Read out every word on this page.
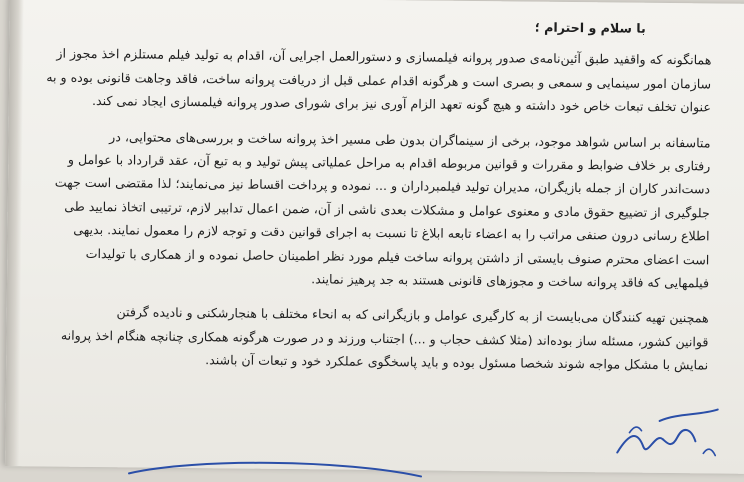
با سلام و احترام ؛
همانگونه که واقفید طبق آئین‌نامه‌ی صدور پروانه فیلمسازی و دستورالعمل اجرایی آن، اقدام به تولید فیلم مستلزم اخذ مجوز از
سازمان امور سینمایی و سمعی و بصری است و هرگونه اقدام عملی قبل از دریافت پروانه ساخت، فاقد وجاهت قانونی بوده و به
عنوان تخلف تبعات خاص خود داشته و هیچ گونه تعهد الزام آوری نیز برای شورای صدور پروانه فیلمسازی ایجاد نمی کند.
متاسفانه بر اساس شواهد موجود، برخی از سینماگران بدون طی مسیر اخذ پروانه ساخت و بررسی‌های محتوایی، در
رفتاری بر خلاف ضوابط و مقررات و قوانین مربوطه اقدام به مراحل عملیاتی پیش تولید و به تبع آن، عقد قرارداد با عوامل و
دست‌اندر کاران از جمله بازیگران، مدیران تولید فیلمبرداران و ... نموده و پرداخت اقساط نیز می‌نمایند؛ لذا مقتضی است جهت
جلوگیری از تضییع حقوق مادی و معنوی عوامل و مشکلات بعدی ناشی از آن، ضمن اعمال تدابیر لازم، ترتیبی اتخاذ نمایید طی
اطلاع رسانی درون صنفی مراتب را به اعضاء تابعه ابلاغ تا نسبت به اجرای قوانین دقت و توجه لازم را معمول نمایند. بدیهی
است اعضای محترم صنوف بایستی از داشتن پروانه ساخت فیلم مورد نظر اطمینان حاصل نموده و از همکاری با تولیدات
فیلمهایی که فاقد پروانه ساخت و مجوزهای قانونی هستند به جد پرهیز نمایند.
همچنین تهیه کنندگان می‌بایست از به کارگیری عوامل و بازیگرانی که به انحاء مختلف با هنجارشکنی و نادیده گرفتن
قوانین کشور، مسئله ساز بوده‌اند (مثلا کشف حجاب و ...) اجتناب ورزند و در صورت هرگونه همکاری چنانچه هنگام اخذ پروانه
نمایش با مشکل مواجه شوند شخصا مسئول بوده و باید پاسخگوی عملکرد خود و تبعات آن باشند.
